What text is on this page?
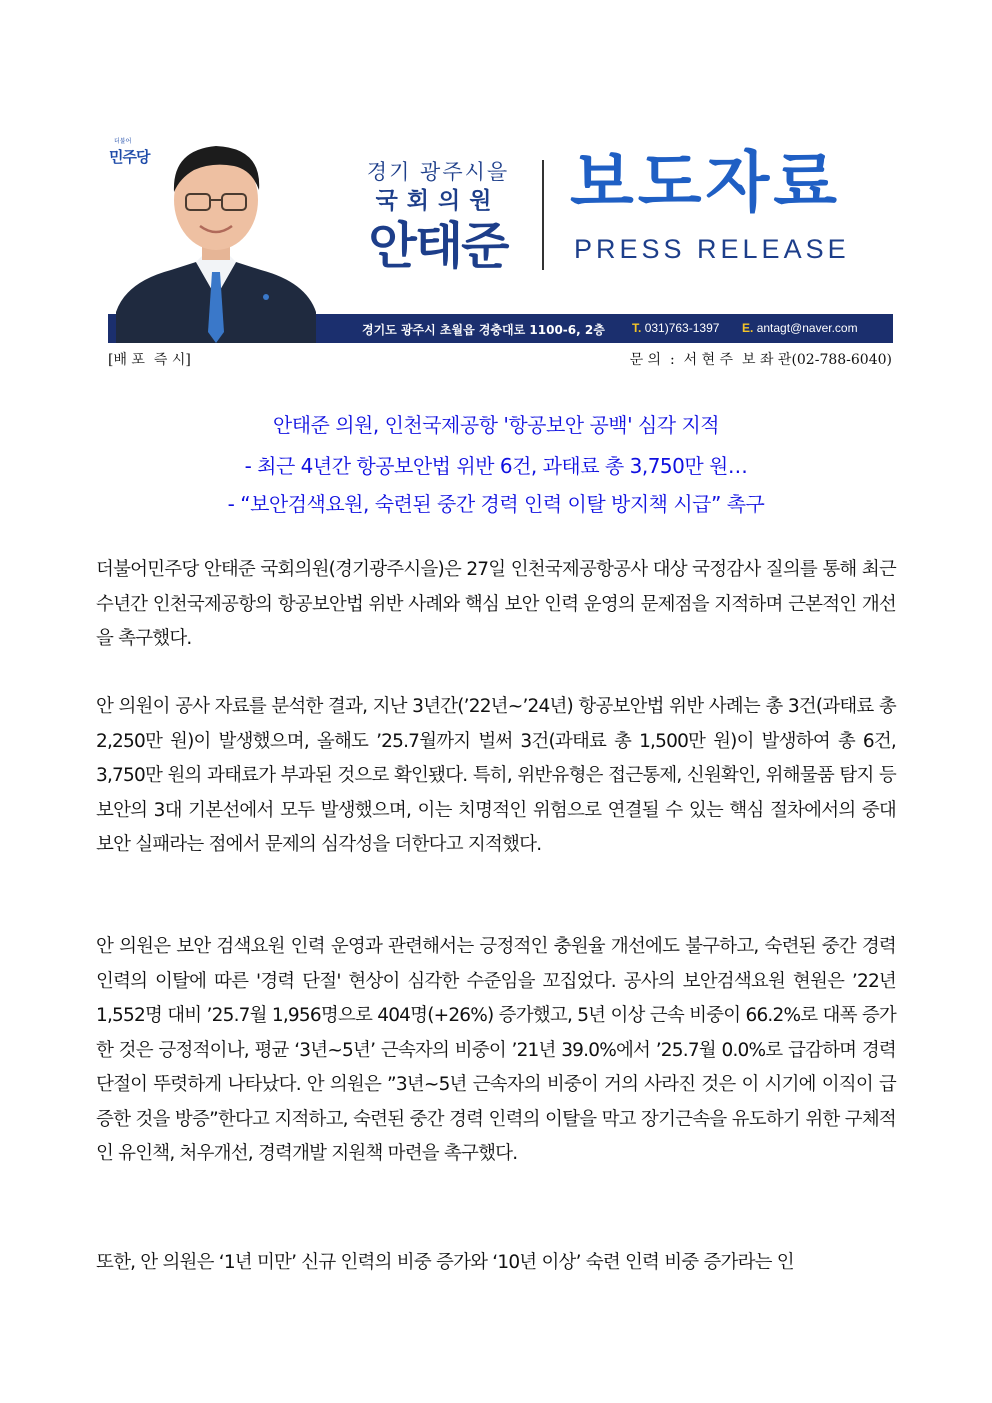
더불어
민주당
경기 광주시을
국회의원
안태준
보도자료
PRESS RELEASE
경기도 광주시 초월읍 경충대로 1100-6, 2층 T. 031)763-1397 E. antagt@naver.com
[배 포  즉 시]	문 의  :  서 현 주  보 좌 관(02-788-6040)
안태준 의원, 인천국제공항 '항공보안 공백' 심각 지적
- 최근 4년간 항공보안법 위반 6건, 과태료 총 3,750만 원…
- “보안검색요원, 숙련된 중간 경력 인력 이탈 방지책 시급” 촉구

더불어민주당 안태준 국회의원(경기광주시을)은 27일 인천국제공항공사 대상 국정감사 질의를 통해 최근 수년간 인천국제공항의 항공보안법 위반 사례와 핵심 보안 인력 운영의 문제점을 지적하며 근본적인 개선을 촉구했다.

안 의원이 공사 자료를 분석한 결과, 지난 3년간(’22년~’24년) 항공보안법 위반 사례는 총 3건(과태료 총 2,250만 원)이 발생했으며, 올해도 ’25.7월까지 벌써 3건(과태료 총 1,500만 원)이 발생하여 총 6건, 3,750만 원의 과태료가 부과된 것으로 확인됐다. 특히, 위반유형은 접근통제, 신원확인, 위해물품 탐지 등 보안의 3대 기본선에서 모두 발생했으며, 이는 치명적인 위험으로 연결될 수 있는 핵심 절차에서의 중대 보안 실패라는 점에서 문제의 심각성을 더한다고 지적했다.

안 의원은 보안 검색요원 인력 운영과 관련해서는 긍정적인 충원율 개선에도 불구하고, 숙련된 중간 경력 인력의 이탈에 따른 '경력 단절' 현상이 심각한 수준임을 꼬집었다. 공사의 보안검색요원 현원은 ’22년 1,552명 대비 ’25.7월 1,956명으로 404명(+26%) 증가했고, 5년 이상 근속 비중이 66.2%로 대폭 증가한 것은 긍정적이나, 평균 ‘3년~5년’ 근속자의 비중이 ’21년 39.0%에서 ’25.7월 0.0%로 급감하며 경력 단절이 뚜렷하게 나타났다. 안 의원은 ”3년~5년 근속자의 비중이 거의 사라진 것은 이 시기에 이직이 급증한 것을 방증”한다고 지적하고, 숙련된 중간 경력 인력의 이탈을 막고 장기근속을 유도하기 위한 구체적인 유인책, 처우개선, 경력개발 지원책 마련을 촉구했다.

또한, 안 의원은 ‘1년 미만’ 신규 인력의 비중 증가와 ‘10년 이상’ 숙련 인력 비중 증가라는 인
